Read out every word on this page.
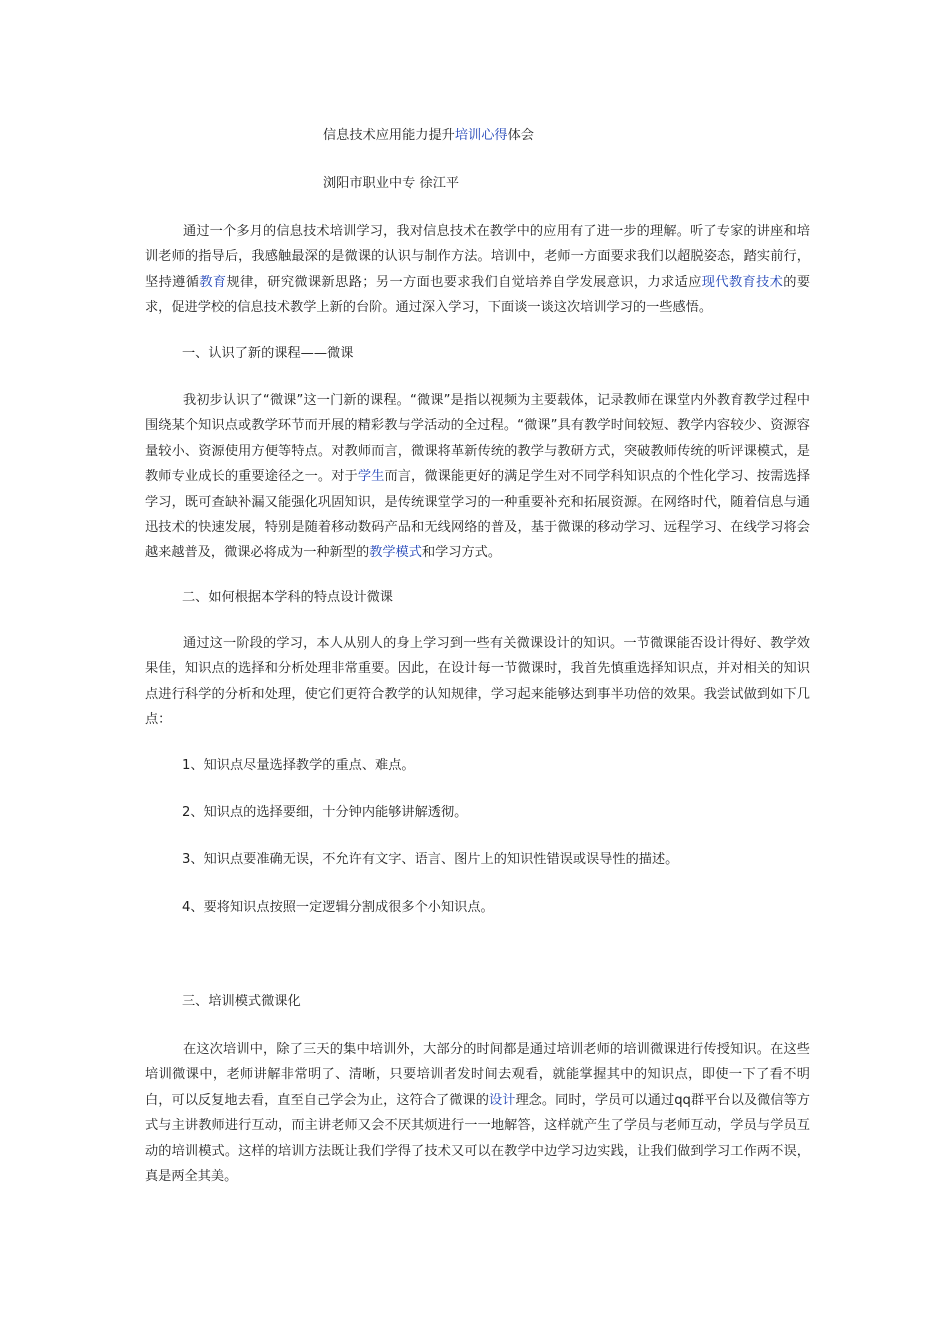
信息技术应用能力提升培训心得体会
浏阳市职业中专 徐江平

通过一个多月的信息技术培训学习，我对信息技术在教学中的应用有了进一步的理解。听了专家的讲座和培训老师的指导后，我感触最深的是微课的认识与制作方法。培训中，老师一方面要求我们以超脱姿态，踏实前行，坚持遵循教育规律，研究微课新思路；另一方面也要求我们自觉培养自学发展意识，力求适应现代教育技术的要求，促进学校的信息技术教学上新的台阶。通过深入学习，下面谈一谈这次培训学习的一些感悟。

一、认识了新的课程——微课

我初步认识了“微课”这一门新的课程。“微课”是指以视频为主要载体，记录教师在课堂内外教育教学过程中围绕某个知识点或教学环节而开展的精彩教与学活动的全过程。“微课”具有教学时间较短、教学内容较少、资源容量较小、资源使用方便等特点。对教师而言，微课将革新传统的教学与教研方式，突破教师传统的听评课模式，是教师专业成长的重要途径之一。对于学生而言，微课能更好的满足学生对不同学科知识点的个性化学习、按需选择学习，既可查缺补漏又能强化巩固知识，是传统课堂学习的一种重要补充和拓展资源。在网络时代，随着信息与通迅技术的快速发展，特别是随着移动数码产品和无线网络的普及，基于微课的移动学习、远程学习、在线学习将会越来越普及，微课必将成为一种新型的教学模式和学习方式。

二、如何根据本学科的特点设计微课

通过这一阶段的学习，本人从别人的身上学习到一些有关微课设计的知识。一节微课能否设计得好、教学效果佳，知识点的选择和分析处理非常重要。因此，在设计每一节微课时，我首先慎重选择知识点，并对相关的知识点进行科学的分析和处理，使它们更符合教学的认知规律，学习起来能够达到事半功倍的效果。我尝试做到如下几点：

1、知识点尽量选择教学的重点、难点。
2、知识点的选择要细，十分钟内能够讲解透彻。
3、知识点要准确无误，不允许有文字、语言、图片上的知识性错误或误导性的描述。
4、要将知识点按照一定逻辑分割成很多个小知识点。
三、培训模式微课化

在这次培训中，除了三天的集中培训外，大部分的时间都是通过培训老师的培训微课进行传授知识。在这些培训微课中，老师讲解非常明了、清晰，只要培训者发时间去观看，就能掌握其中的知识点，即使一下了看不明白，可以反复地去看，直至自己学会为止，这符合了微课的设计理念。同时，学员可以通过qq群平台以及微信等方式与主讲教师进行互动，而主讲老师又会不厌其烦进行一一地解答，这样就产生了学员与老师互动，学员与学员互动的培训模式。这样的培训方法既让我们学得了技术又可以在教学中边学习边实践，让我们做到学习工作两不误，真是两全其美。
